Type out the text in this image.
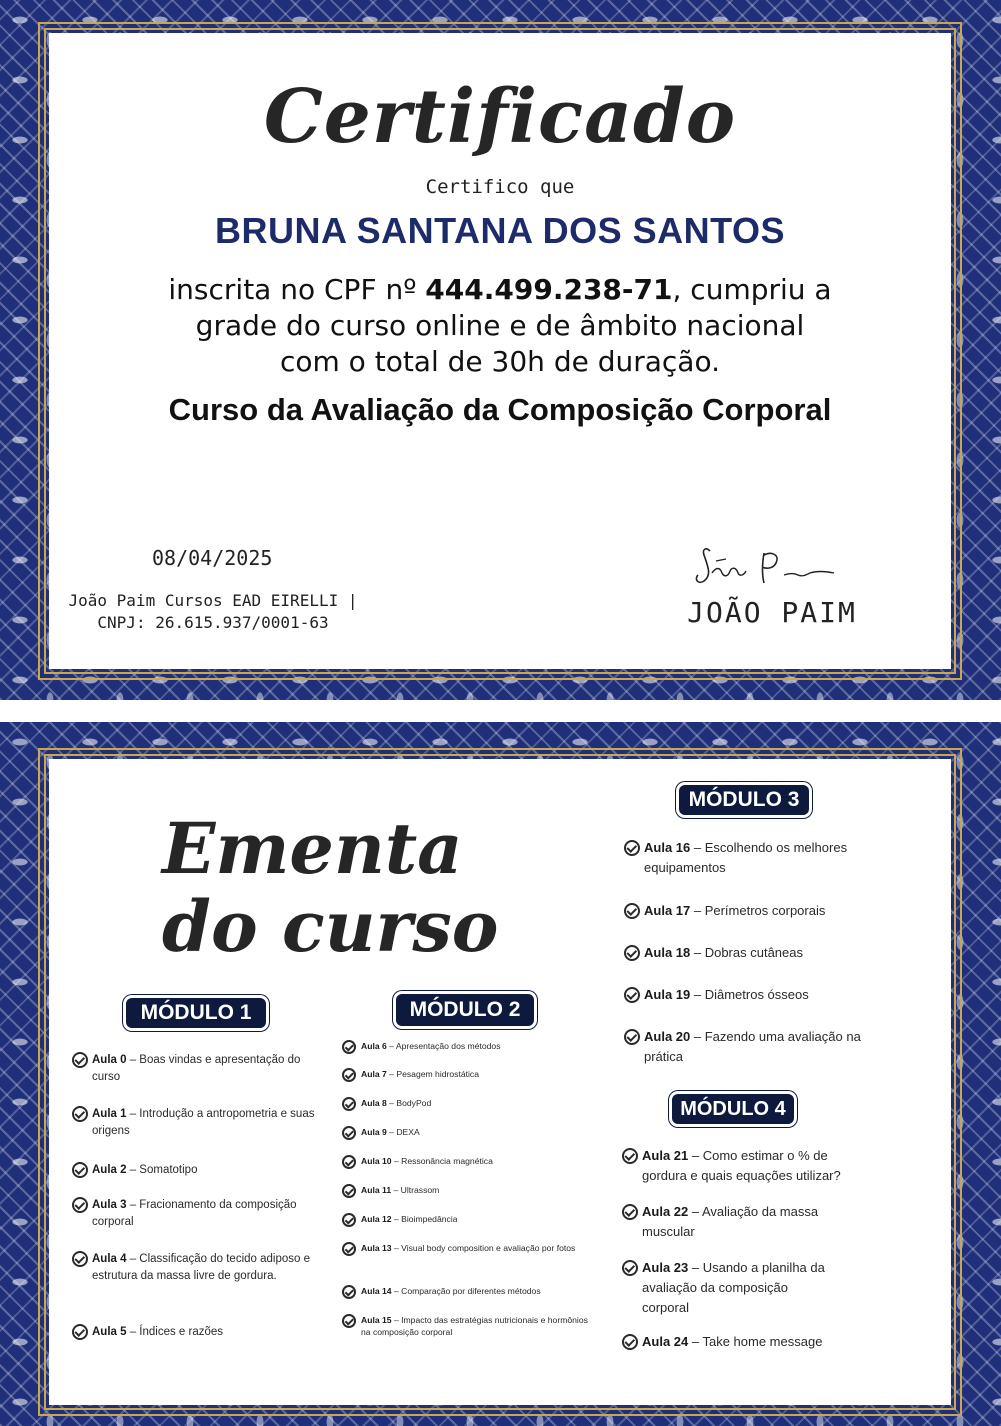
Certificado
Certifico que
BRUNA SANTANA DOS SANTOS
inscrita no CPF nº 444.499.238-71, cumpriu a
grade do curso online e de âmbito nacional
com o total de 30h de duração.
Curso da Avaliação da Composição Corporal
08/04/2025
João Paim Cursos EAD EIRELLI |
CNPJ: 26.615.937/0001-63	JOÃO PAIM
Ementa
do curso
MÓDULO 1
Aula 0 – Boas vindas e apresentação do curso
Aula 1 – Introdução a antropometria e suas origens
Aula 2 – Somatotipo
Aula 3 – Fracionamento da composição corporal
Aula 4 – Classificação do tecido adiposo e estrutura da massa livre de gordura.
Aula 5 – Índices e razões
MÓDULO 2
Aula 6 – Apresentação dos métodos
Aula 7 – Pesagem hidrostática
Aula 8 – BodyPod
Aula 9 – DEXA
Aula 10 – Ressonância magnética
Aula 11 – Ultrassom
Aula 12 – Bioimpedância
Aula 13 – Visual body composition e avaliação por fotos
Aula 14 – Comparação por diferentes métodos
Aula 15 – Impacto das estratégias nutricionais e hormônios na composição corporal
MÓDULO 3
Aula 16 – Escolhendo os melhores equipamentos
Aula 17 – Perímetros corporais
Aula 18 – Dobras cutâneas
Aula 19 – Diâmetros ósseos
Aula 20 – Fazendo uma avaliação na prática
MÓDULO 4
Aula 21 – Como estimar o % de gordura e quais equações utilizar?
Aula 22 – Avaliação da massa muscular
Aula 23 – Usando a planilha da avaliação da composição corporal
Aula 24 – Take home message
